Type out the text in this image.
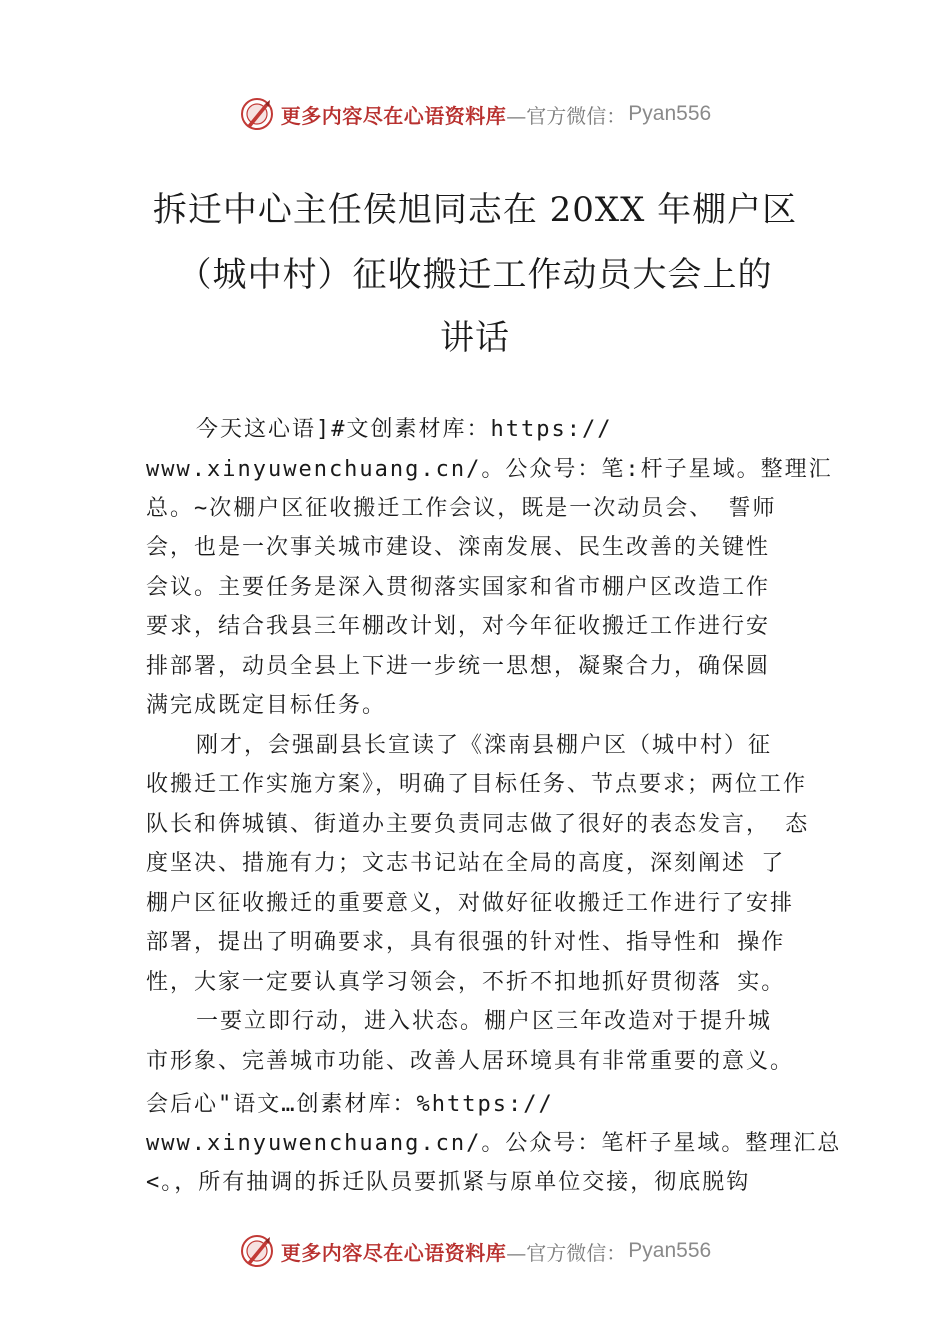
更多内容尽在心语资料库 —官方微信： Pyan556
拆迁中心主任侯旭同志在 20XX 年棚户区
（城中村）征收搬迁工作动员大会上的
讲话
今天这心语]#文创素材库：https://
www.xinyuwenchuang.cn/。公众号：笔:杆子星域。整理汇
总。~次棚户区征收搬迁工作会议，既是一次动员会、 誓师
会，也是一次事关城市建设、滦南发展、民生改善的关键性
会议。主要任务是深入贯彻落实国家和省市棚户区改造工作
要求，结合我县三年棚改计划，对今年征收搬迁工作进行安
排部署，动员全县上下进一步统一思想，凝聚合力，确保圆
满完成既定目标任务。
刚才，会强副县长宣读了《滦南县棚户区（城中村）征
收搬迁工作实施方案》，明确了目标任务、节点要求；两位工作
队长和倴城镇、街道办主要负责同志做了很好的表态发言， 态
度坚决、措施有力；文志书记站在全局的高度，深刻阐述 了
棚户区征收搬迁的重要意义，对做好征收搬迁工作进行了安排
部署，提出了明确要求，具有很强的针对性、指导性和 操作
性，大家一定要认真学习领会，不折不扣地抓好贯彻落 实。
一要立即行动，进入状态。棚户区三年改造对于提升城
市形象、完善城市功能、改善人居环境具有非常重要的意义。
会后心"语文…创素材库：%https://
www.xinyuwenchuang.cn/。公众号：笔杆子星域。整理汇总
<。，所有抽调的拆迁队员要抓紧与原单位交接，彻底脱钩
更多内容尽在心语资料库 —官方微信： Pyan556
